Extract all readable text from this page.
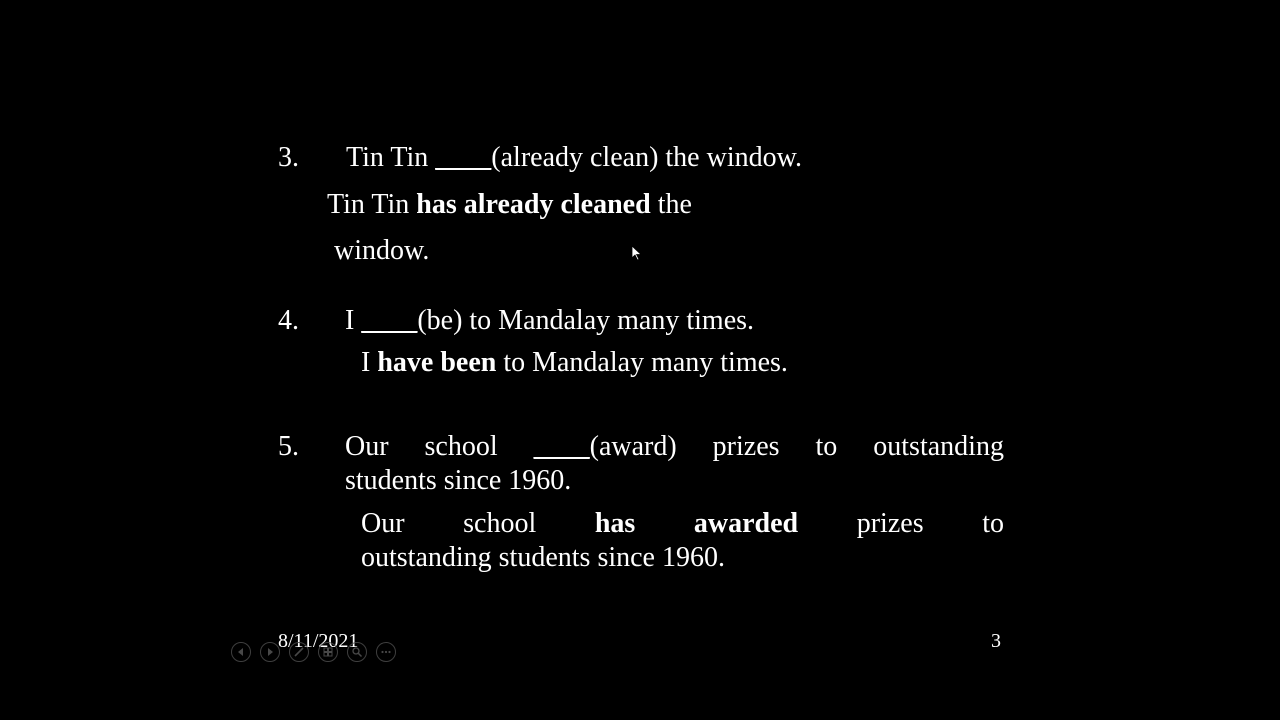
3. Tin Tin ____(already clean) the window.
Tin Tin has already cleaned the
window.
4. I ____(be) to Mandalay many times.
I have been to Mandalay many times.
5. Our school ____(award) prizes to outstanding
students since 1960.
Our school has awarded prizes to
outstanding students since 1960.
8/11/2021	3
